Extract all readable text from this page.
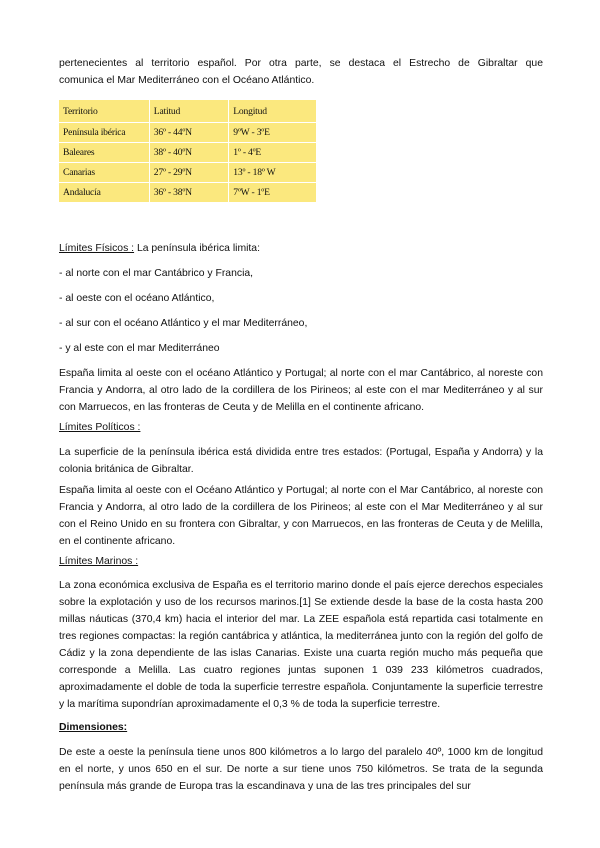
pertenecientes al territorio español. Por otra parte, se destaca el Estrecho de Gibraltar que

comunica el Mar Mediterráneo con el Océano Atlántico.

Territorio	Latitud	Longitud
Península ibérica	36º - 44ºN	9ºW - 3ºE
Baleares	38º - 40ºN	1º - 4ºE
Canarias	27º - 29ºN	13º - 18º W
Andalucía	36º - 38ºN	7ºW - 1ºE

Límites Físicos : La península ibérica limita:

- al norte con el mar Cantábrico y Francia,

- al oeste con el océano Atlántico,

- al sur con el océano Atlántico y el mar Mediterráneo,

- y al este con el mar Mediterráneo

España limita al oeste con el océano Atlántico y Portugal; al norte con el mar Cantábrico, al noreste con Francia y Andorra, al otro lado de la cordillera de los Pirineos; al este con el mar Mediterráneo y al sur con Marruecos, en las fronteras de Ceuta y de Melilla en el continente africano.

Límites Políticos :

La superficie de la península ibérica está dividida entre tres estados: (Portugal, España y Andorra) y la colonia británica de Gibraltar.

España limita al oeste con el Océano Atlántico y Portugal; al norte con el Mar Cantábrico, al noreste con Francia y Andorra, al otro lado de la cordillera de los Pirineos; al este con el Mar Mediterráneo y al sur con el Reino Unido en su frontera con Gibraltar, y con Marruecos, en las fronteras de Ceuta y de Melilla, en el continente africano.

Límites Marinos :

La zona económica exclusiva de España es el territorio marino donde el país ejerce derechos especiales sobre la explotación y uso de los recursos marinos.[1] Se extiende desde la base de la costa hasta 200 millas náuticas (370,4 km) hacia el interior del mar. La ZEE española está repartida casi totalmente en tres regiones compactas: la región cantábrica y atlántica, la mediterránea junto con la región del golfo de Cádiz y la zona dependiente de las islas Canarias. Existe una cuarta región mucho más pequeña que corresponde a Melilla. Las cuatro regiones juntas suponen 1 039 233 kilómetros cuadrados, aproximadamente el doble de toda la superficie terrestre española. Conjuntamente la superficie terrestre y la marítima supondrían aproximadamente el 0,3 % de toda la superficie terrestre.

Dimensiones:

De este a oeste la península tiene unos 800 kilómetros a lo largo del paralelo 40º, 1000 km de longitud en el norte, y unos 650 en el sur. De norte a sur tiene unos 750 kilómetros. Se trata de la segunda península más grande de Europa tras la escandinava y una de las tres principales del sur
